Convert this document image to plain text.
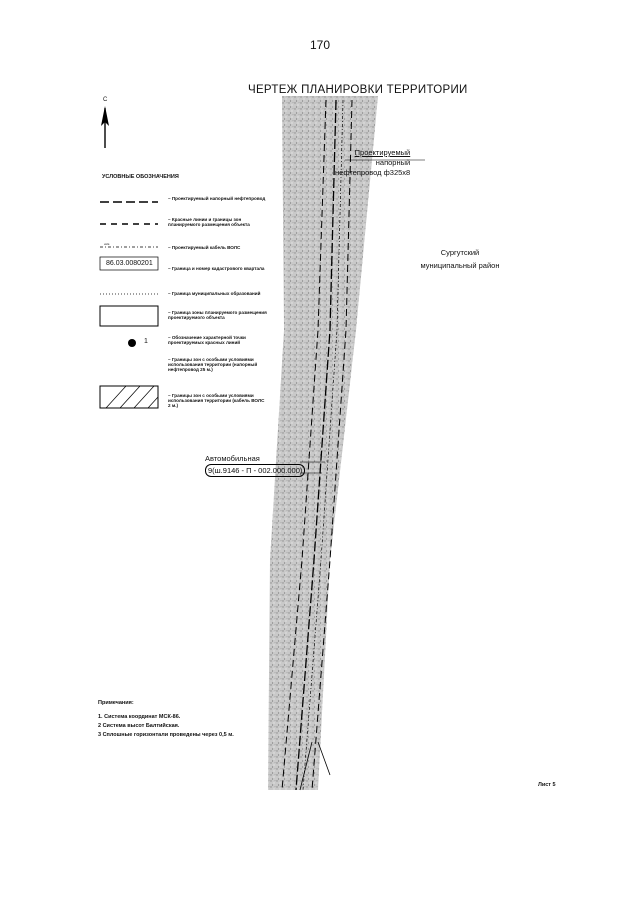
170
ЧЕРТЕЖ ПЛАНИРОВКИ ТЕРРИТОРИИ
С
УСЛОВНЫЕ ОБОЗНАЧЕНИЯ
vols
86.03.0080201
1
– Проектируемый напорный нефтепровод
– Красные линии и границы зон планируемого размещения объекта
– Проектируемый кабель ВОЛС
– Граница и номер кадастрового квартала
– Граница муниципальных образований
– Граница зоны планируемого размещения проектируемого объекта
– Обозначение характерной точки проектируемых красных линий
– Границы зон с особыми условиями использования территории (напорный нефтепровод 25 м.)
– Границы зон с особыми условиями использования территории (кабель ВОЛС 2 м.)
Проектируемый
напорный
нефтепровод ф325х8
Сургутский
муниципальный район
Автомобильная
9(ш.9146 - П - 002.000.000)
Примечания:
1. Система координат МСК-86.
2 Система высот Балтийская.
3 Сплошные горизонтали проведены через 0,5 м.
Лист 5
